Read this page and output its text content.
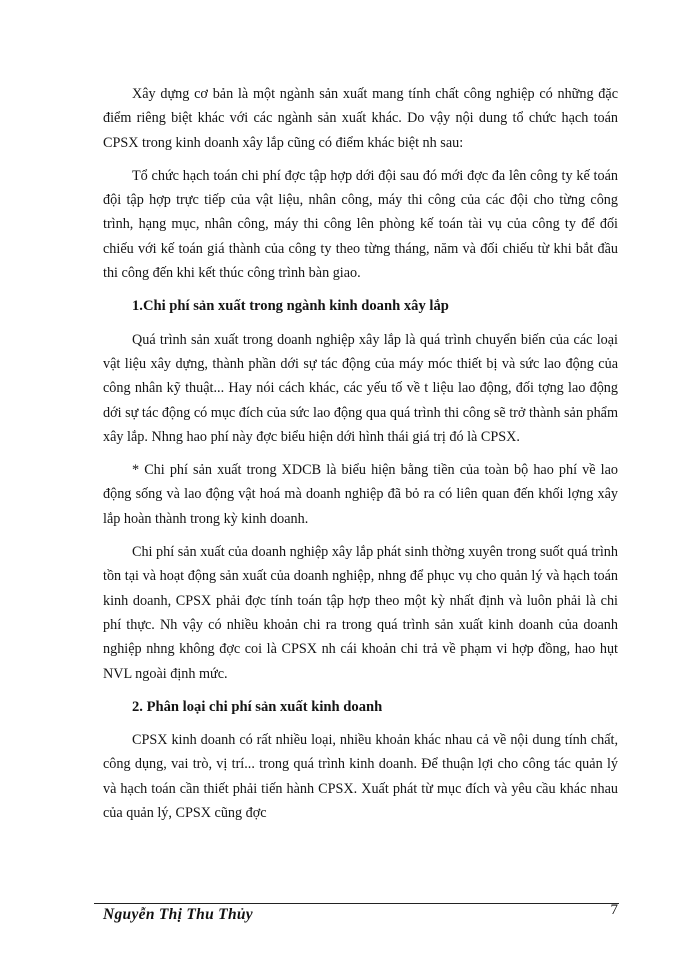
Xây dựng cơ bản là một ngành sản xuất mang tính chất công nghiệp có những đặc điểm riêng biệt khác với các ngành sản xuất khác. Do vậy nội dung tổ chức hạch toán CPSX trong kinh doanh xây lắp cũng có điểm khác biệt nh sau:

Tổ chức hạch toán chi phí đợc tập hợp dới đội sau đó mới đợc đa lên công ty kế toán đội tập hợp trực tiếp của vật liệu, nhân công, máy thi công của các đội cho từng công trình, hạng mục, nhân công, máy thi công lên phòng kế toán tài vụ của công ty để đối chiếu với kế toán giá thành của công ty theo từng tháng, năm và đối chiếu từ khi bắt đầu thi công đến khi kết thúc công trình bàn giao.

1.Chi phí sản xuất trong ngành kinh doanh xây lắp

Quá trình sản xuất trong doanh nghiệp xây lắp là quá trình chuyển biến của các loại vật liệu xây dựng, thành phần dới sự tác động của máy móc thiết bị và sức lao động của công nhân kỹ thuật... Hay nói cách khác, các yếu tố về t liệu lao động, đối tợng lao động dới sự tác động có mục đích của sức lao động qua quá trình thi công sẽ trở thành sản phẩm xây lắp. Nhng hao phí này đợc biểu hiện dới hình thái giá trị đó là CPSX.

* Chi phí sản xuất trong XDCB là biểu hiện bằng tiền của toàn bộ hao phí về lao động sống và lao động vật hoá mà doanh nghiệp đã bỏ ra có liên quan đến khối lợng xây lắp hoàn thành trong kỳ kinh doanh.

Chi phí sản xuất của doanh nghiệp xây lắp phát sinh thờng xuyên trong suốt quá trình tồn tại và hoạt động sản xuất của doanh nghiệp, nhng để phục vụ cho quản lý và hạch toán kinh doanh, CPSX phải đợc tính toán tập hợp theo một kỳ nhất định và luôn phải là chi phí thực. Nh vậy có nhiều khoản chi ra trong quá trình sản xuất kinh doanh của doanh nghiệp nhng không đợc coi là CPSX nh cái khoản chi trả về phạm vi hợp đồng, hao hụt NVL ngoài định mức.

2. Phân loại chi phí sản xuất kinh doanh

CPSX kinh doanh có rất nhiều loại, nhiều khoản khác nhau cả về nội dung tính chất, công dụng, vai trò, vị trí... trong quá trình kinh doanh. Để thuận lợi cho công tác quản lý và hạch toán cần thiết phải tiến hành CPSX. Xuất phát từ mục đích và yêu cầu khác nhau của quản lý, CPSX cũng đợc

Nguyễn Thị Thu Thủy	7
